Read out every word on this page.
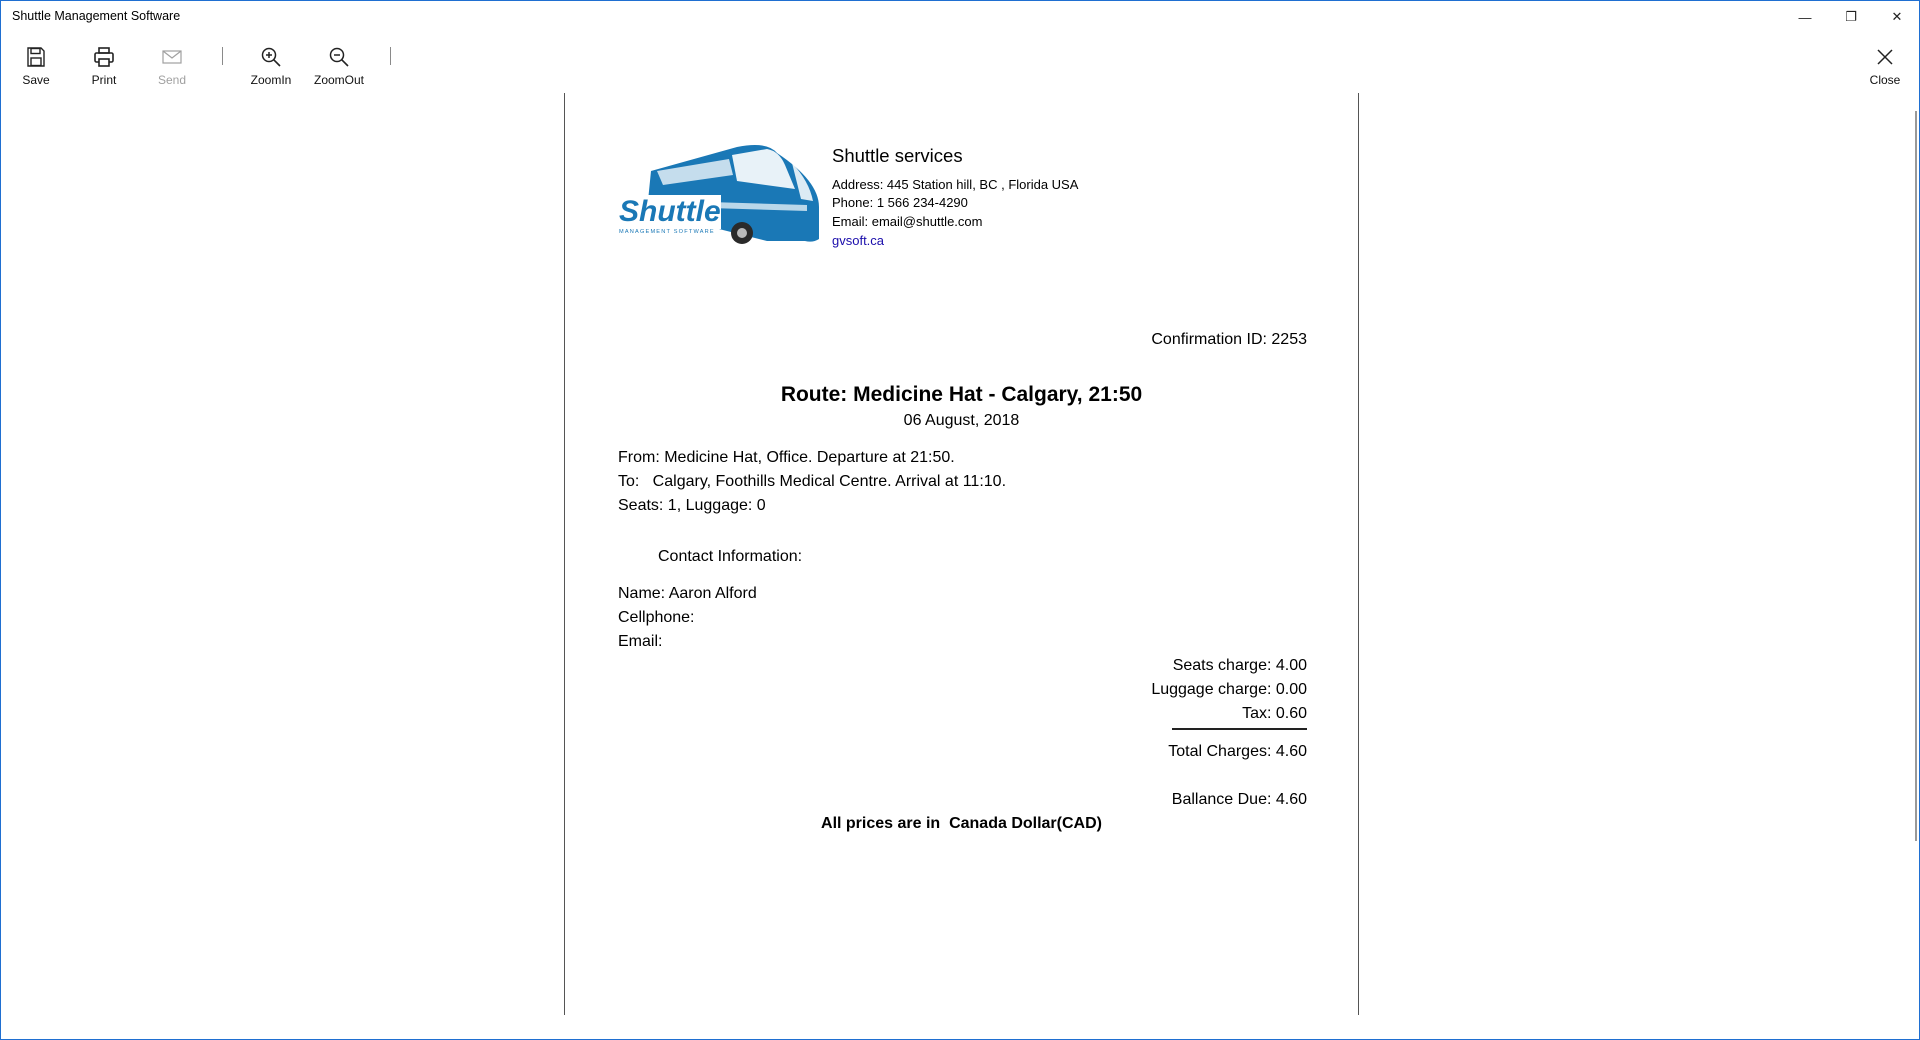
Shuttle Management Software	—	❐	✕
Save	Print	Send	ZoomIn ZoomOut	Close
Shuttle
MANAGEMENT SOFTWARE
Shuttle services
Address: 445 Station hill, BC , Florida USA
Phone: 1 566 234-4290
Email: email@shuttle.com
gvsoft.ca
Confirmation ID: 2253
Route: Medicine Hat - Calgary, 21:50
06 August, 2018
From: Medicine Hat, Office. Departure at 21:50.
To:   Calgary, Foothills Medical Centre. Arrival at 11:10.
Seats: 1, Luggage: 0
Contact Information:
Name: Aaron Alford
Cellphone:
Email:
Seats charge: 4.00
Luggage charge: 0.00
Tax: 0.60
Total Charges: 4.60
Ballance Due: 4.60
All prices are in  Canada Dollar(CAD)
